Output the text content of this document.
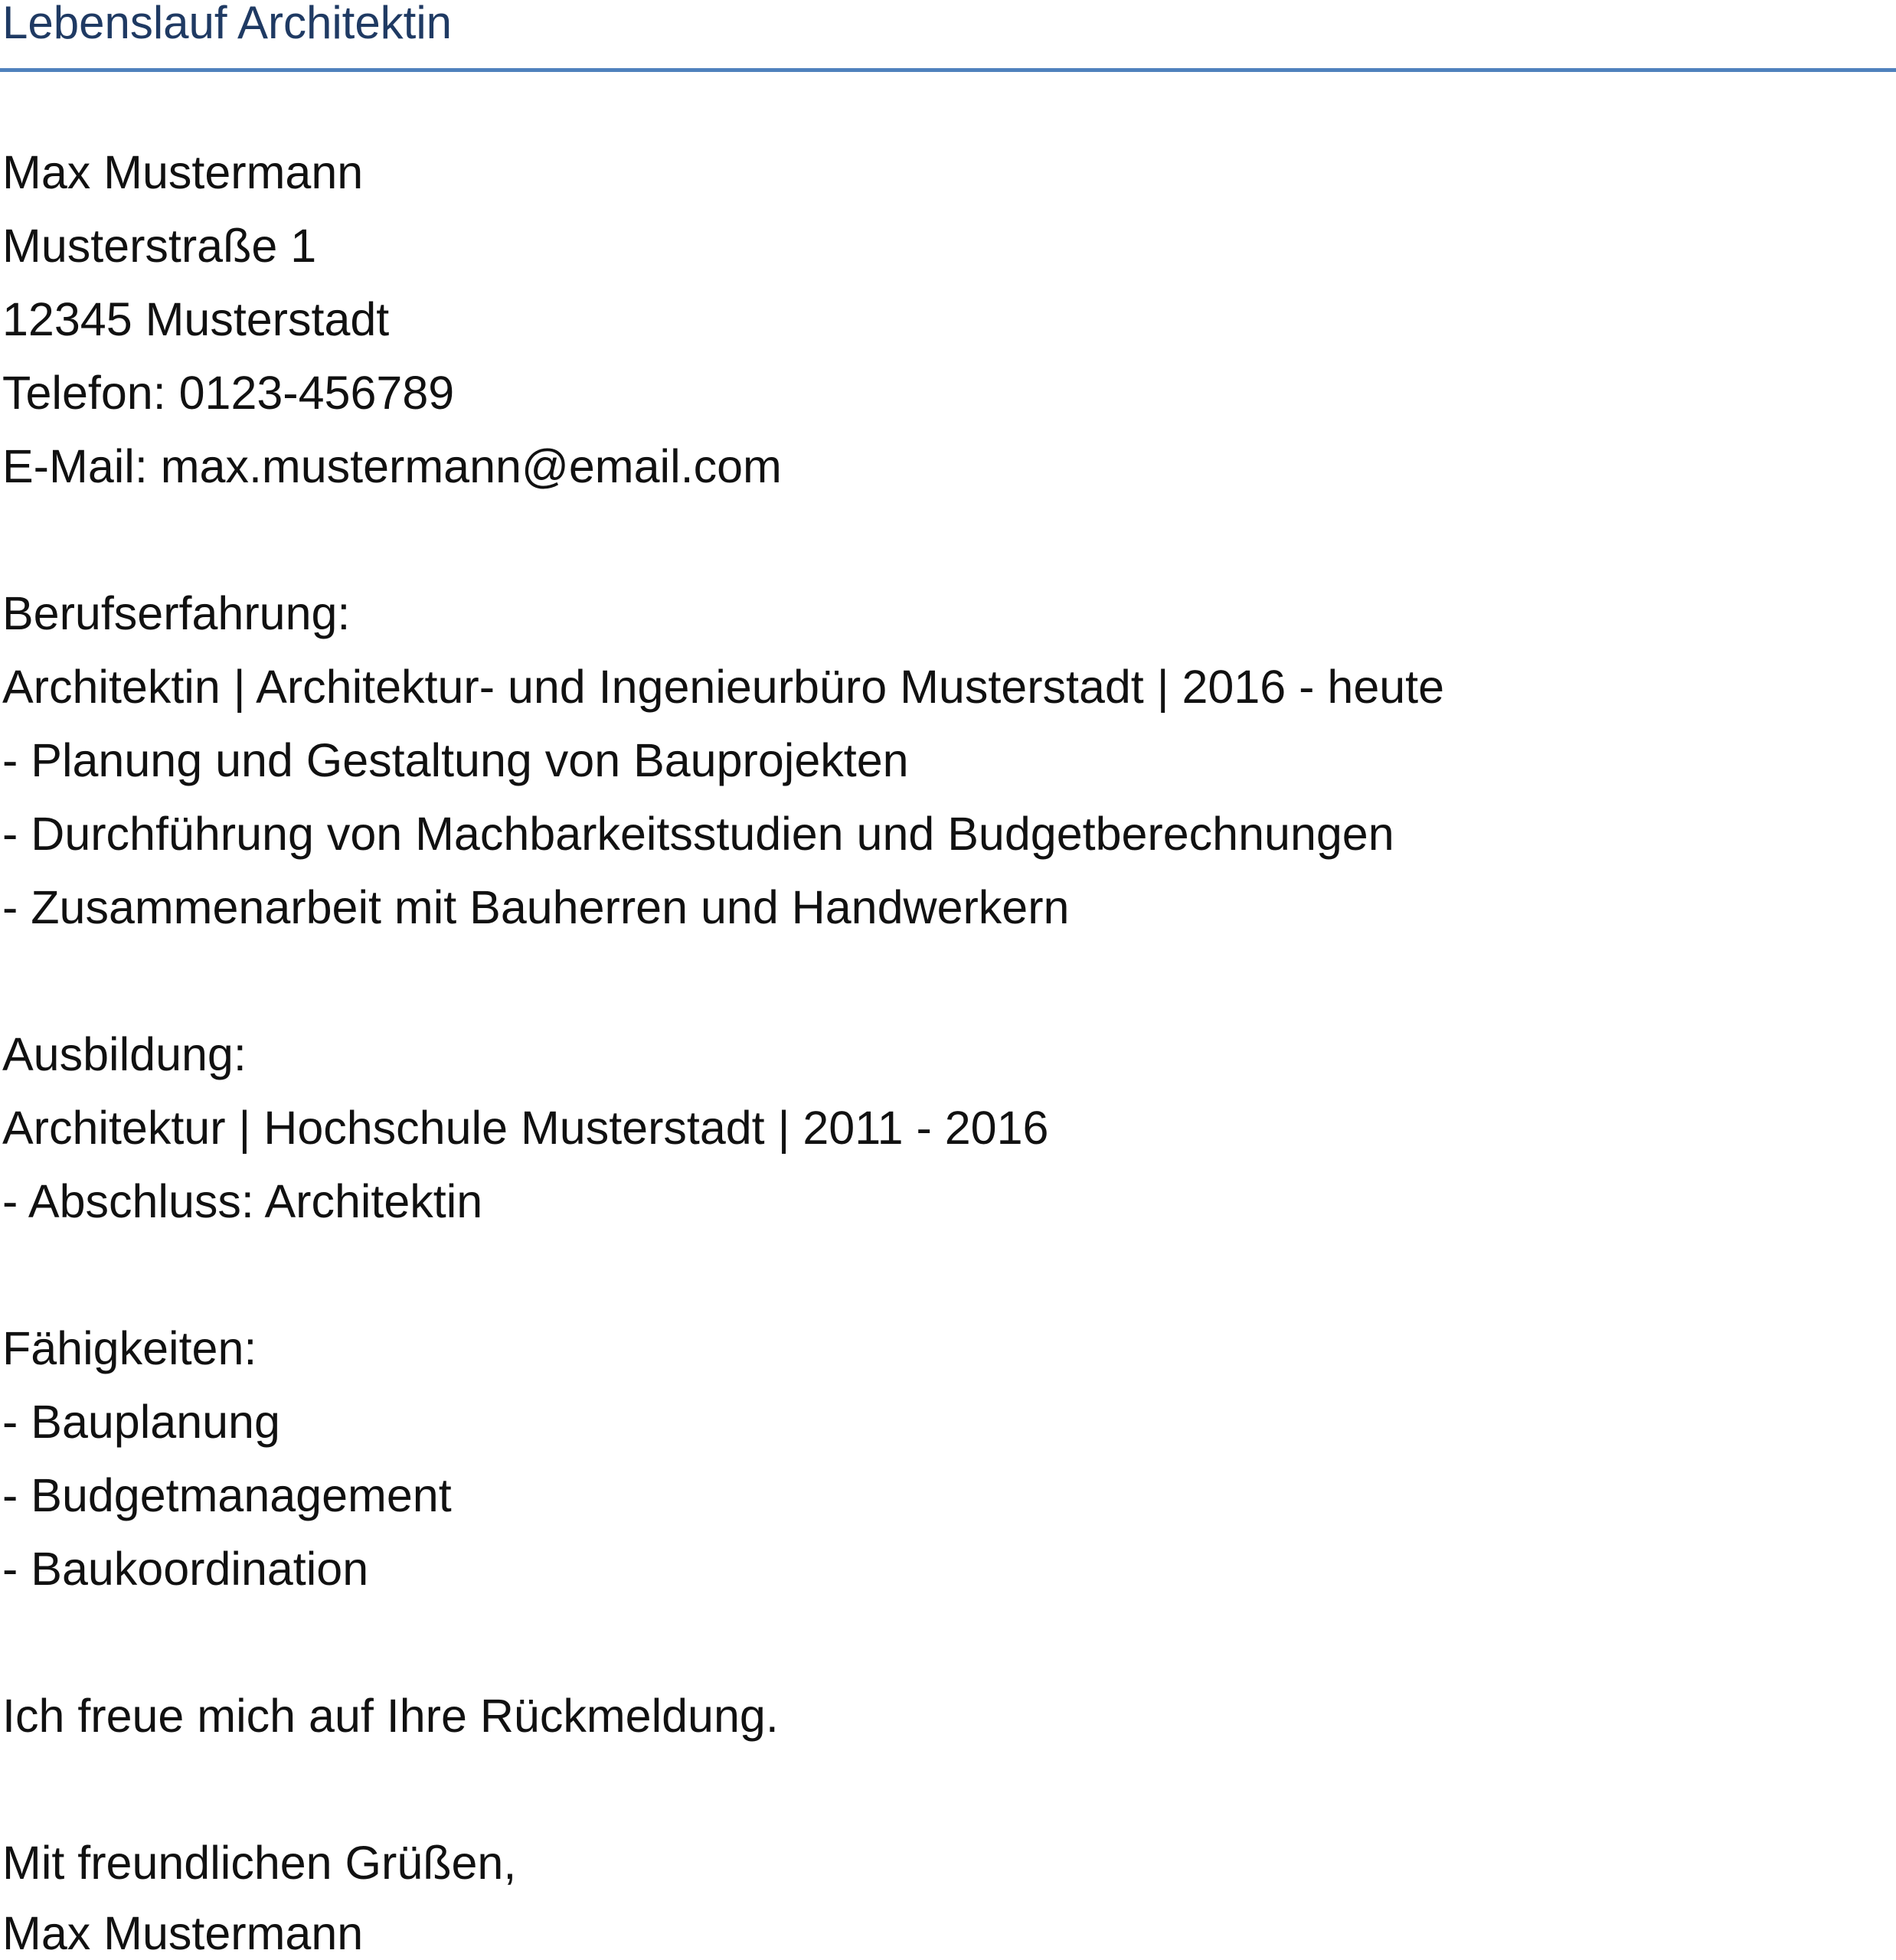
Lebenslauf Architektin

Max Mustermann

Musterstraße 1

12345 Musterstadt

Telefon: 0123-456789

E-Mail: max.mustermann@email.com

Berufserfahrung:

Architektin | Architektur- und Ingenieurbüro Musterstadt | 2016 - heute

- Planung und Gestaltung von Bauprojekten

- Durchführung von Machbarkeitsstudien und Budgetberechnungen

- Zusammenarbeit mit Bauherren und Handwerkern

Ausbildung:

Architektur | Hochschule Musterstadt | 2011 - 2016

- Abschluss: Architektin

Fähigkeiten:

- Bauplanung

- Budgetmanagement

- Baukoordination

Ich freue mich auf Ihre Rückmeldung.

Mit freundlichen Grüßen,

Max Mustermann
